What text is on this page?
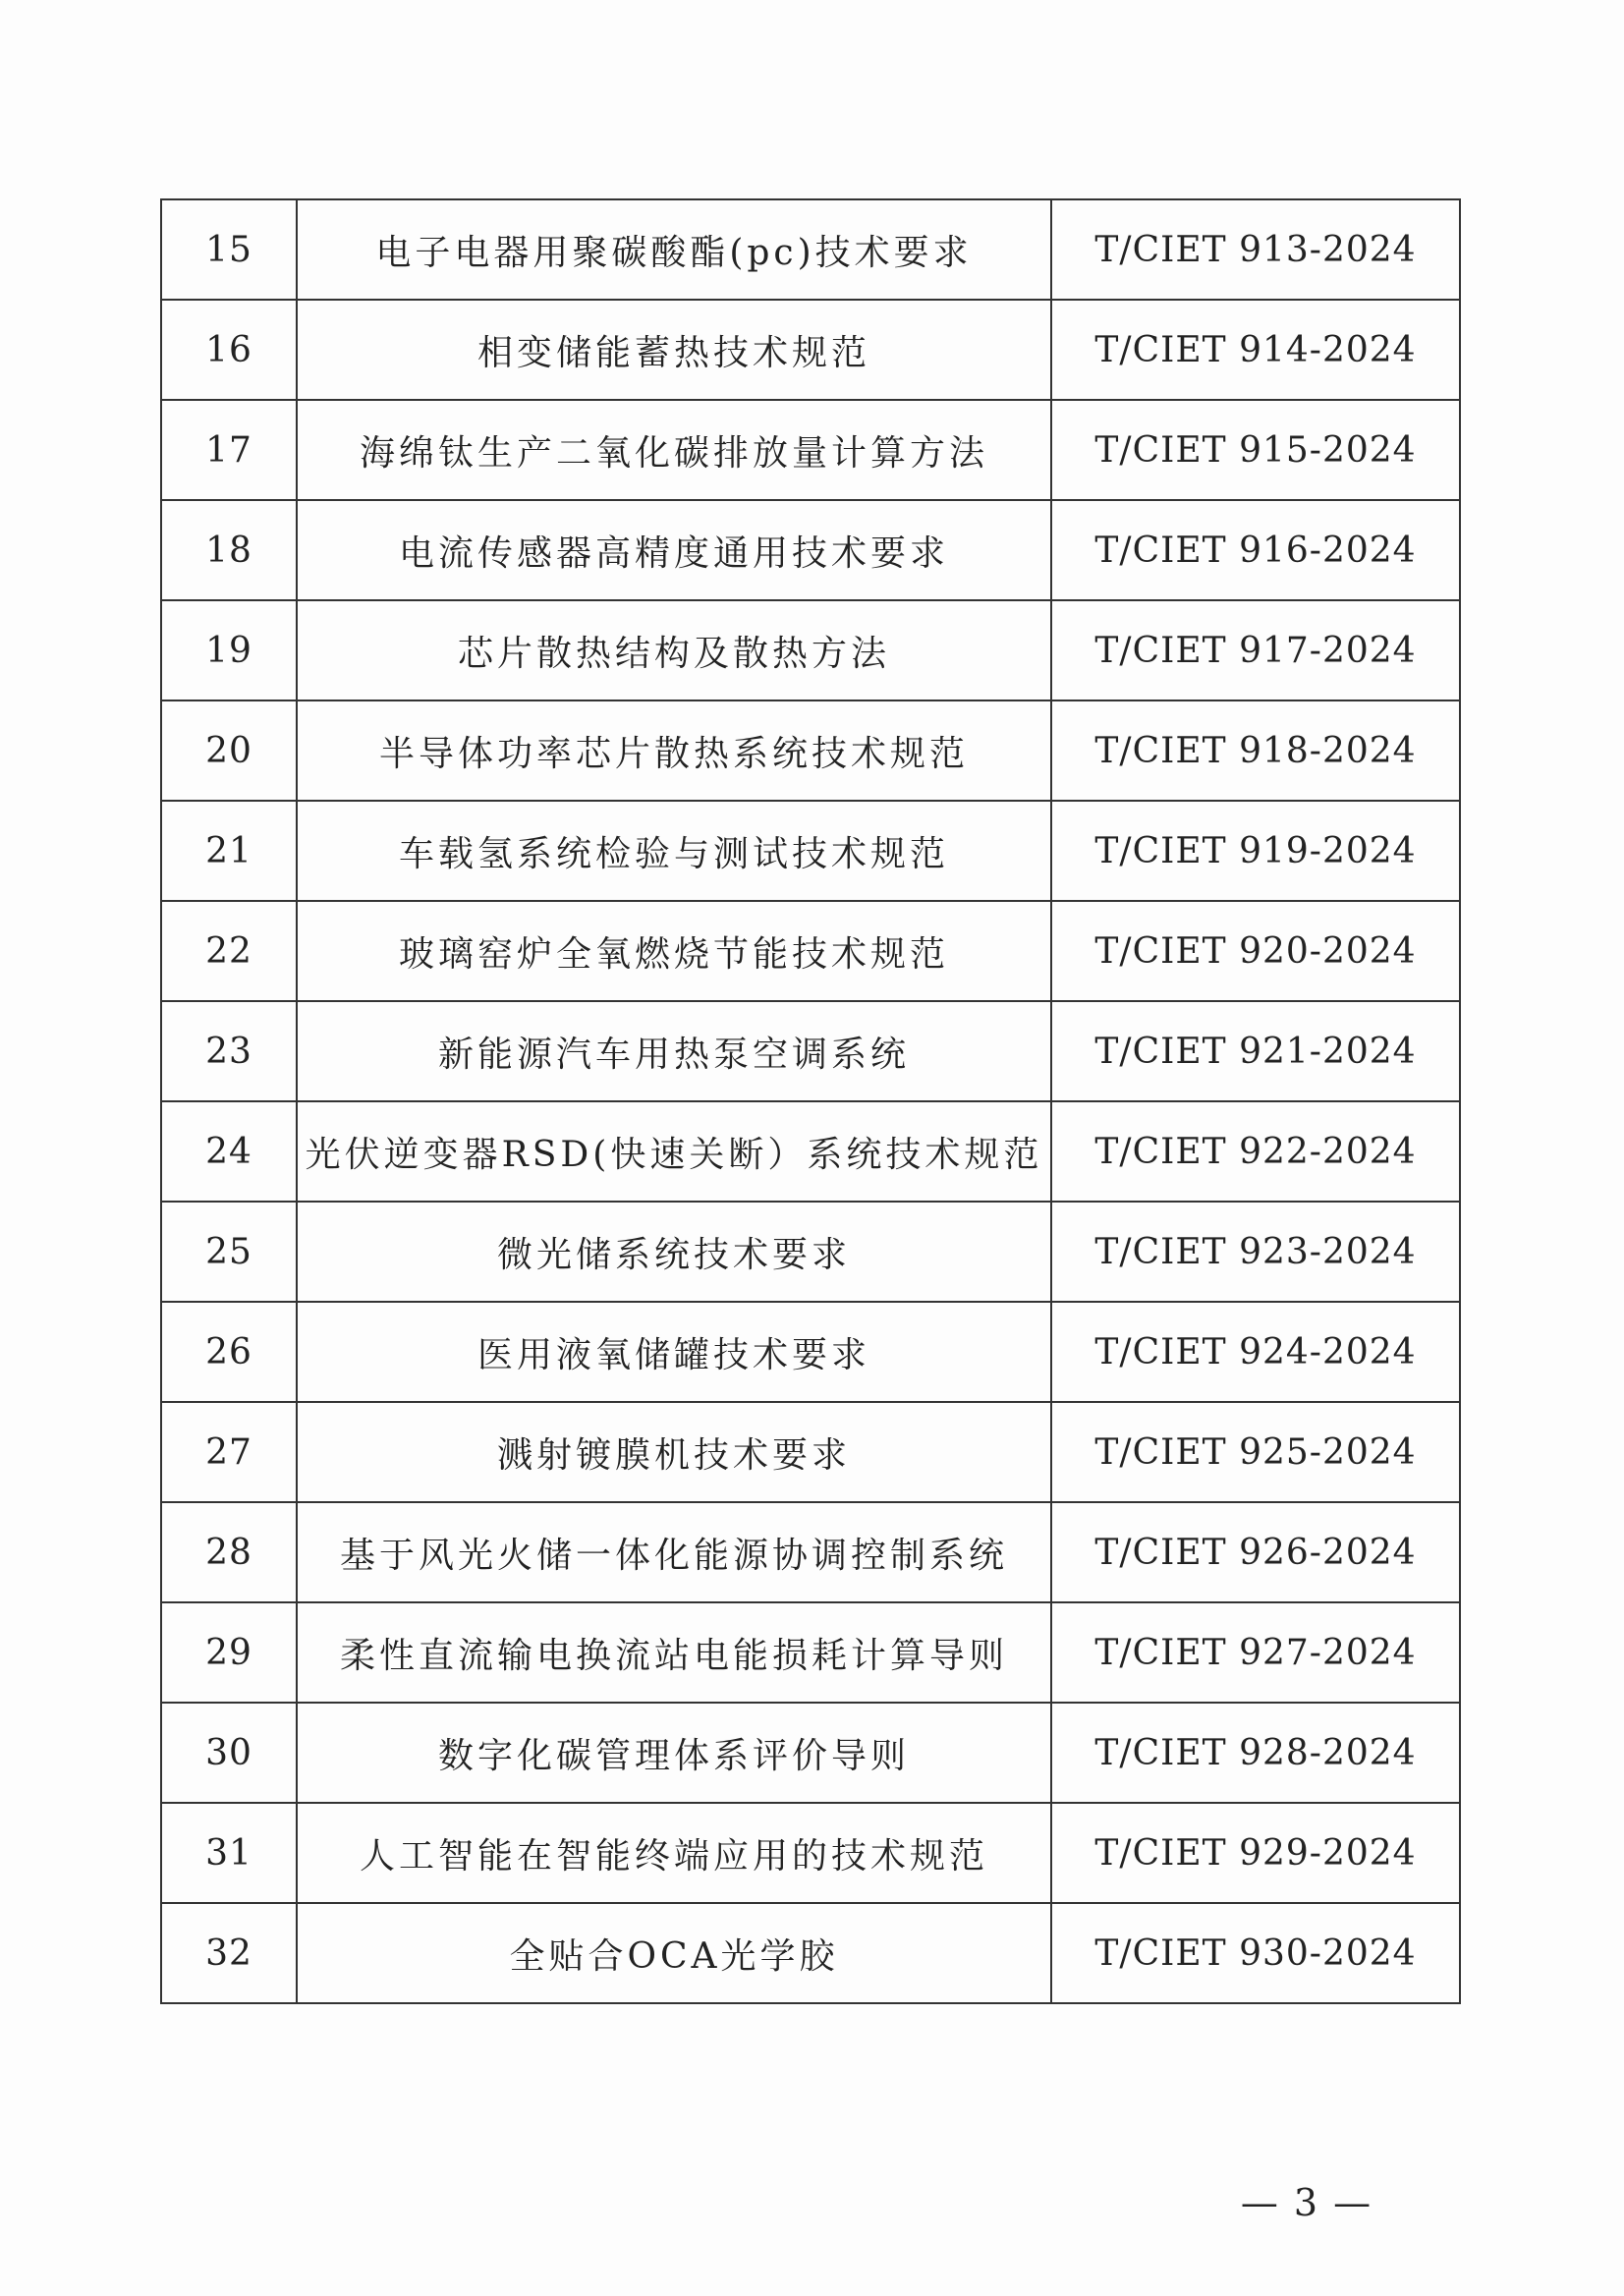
15	电子电器用聚碳酸酯(pc)技术要求	T/CIET 913-2024
16	相变储能蓄热技术规范	T/CIET 914-2024
17	海绵钛生产二氧化碳排放量计算方法	T/CIET 915-2024
18	电流传感器高精度通用技术要求	T/CIET 916-2024
19	芯片散热结构及散热方法	T/CIET 917-2024
20	半导体功率芯片散热系统技术规范	T/CIET 918-2024
21	车载氢系统检验与测试技术规范	T/CIET 919-2024
22	玻璃窑炉全氧燃烧节能技术规范	T/CIET 920-2024
23	新能源汽车用热泵空调系统	T/CIET 921-2024
24	光伏逆变器RSD(快速关断）系统技术规范	T/CIET 922-2024
25	微光储系统技术要求	T/CIET 923-2024
26	医用液氧储罐技术要求	T/CIET 924-2024
27	溅射镀膜机技术要求	T/CIET 925-2024
28	基于风光火储一体化能源协调控制系统	T/CIET 926-2024
29	柔性直流输电换流站电能损耗计算导则	T/CIET 927-2024
30	数字化碳管理体系评价导则	T/CIET 928-2024
31	人工智能在智能终端应用的技术规范	T/CIET 929-2024
32	全贴合OCA光学胶	T/CIET 930-2024
— 3 —
